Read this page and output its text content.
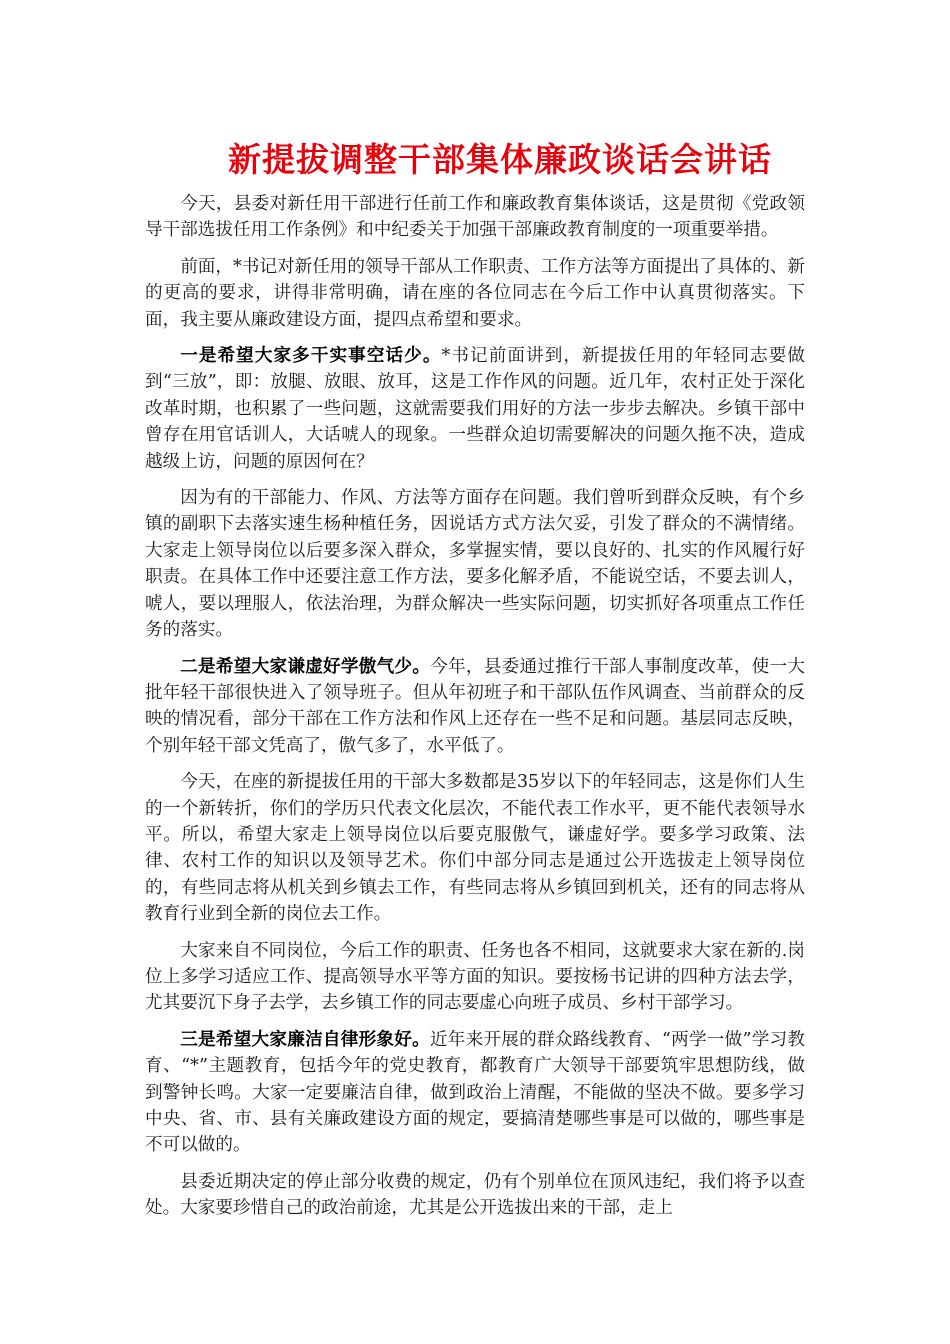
新提拔调整干部集体廉政谈话会讲话

今天，县委对新任用干部进行任前工作和廉政教育集体谈话，这是贯彻《党政领导干部选拔任用工作条例》和中纪委关于加强干部廉政教育制度的一项重要举措。

前面，*书记对新任用的领导干部从工作职责、工作方法等方面提出了具体的、新的更高的要求，讲得非常明确，请在座的各位同志在今后工作中认真贯彻落实。下面，我主要从廉政建设方面，提四点希望和要求。

一是希望大家多干实事空话少。*书记前面讲到，新提拔任用的年轻同志要做到“三放”，即：放腿、放眼、放耳，这是工作作风的问题。近几年，农村正处于深化改革时期，也积累了一些问题，这就需要我们用好的方法一步步去解决。乡镇干部中曾存在用官话训人，大话唬人的现象。一些群众迫切需要解决的问题久拖不决，造成越级上访，问题的原因何在？

因为有的干部能力、作风、方法等方面存在问题。我们曾听到群众反映，有个乡镇的副职下去落实速生杨种植任务，因说话方式方法欠妥，引发了群众的不满情绪。大家走上领导岗位以后要多深入群众，多掌握实情，要以良好的、扎实的作风履行好职责。在具体工作中还要注意工作方法，要多化解矛盾，不能说空话，不要去训人，唬人，要以理服人，依法治理，为群众解决一些实际问题，切实抓好各项重点工作任务的落实。

二是希望大家谦虚好学傲气少。今年，县委通过推行干部人事制度改革，使一大批年轻干部很快进入了领导班子。但从年初班子和干部队伍作风调查、当前群众的反映的情况看，部分干部在工作方法和作风上还存在一些不足和问题。基层同志反映，个别年轻干部文凭高了，傲气多了，水平低了。

今天，在座的新提拔任用的干部大多数都是35岁以下的年轻同志，这是你们人生的一个新转折，你们的学历只代表文化层次，不能代表工作水平，更不能代表领导水平。所以，希望大家走上领导岗位以后要克服傲气，谦虚好学。要多学习政策、法律、农村工作的知识以及领导艺术。你们中部分同志是通过公开选拔走上领导岗位的，有些同志将从机关到乡镇去工作，有些同志将从乡镇回到机关，还有的同志将从教育行业到全新的岗位去工作。

大家来自不同岗位，今后工作的职责、任务也各不相同，这就要求大家在新的.岗位上多学习适应工作、提高领导水平等方面的知识。要按杨书记讲的四种方法去学，尤其要沉下身子去学，去乡镇工作的同志要虚心向班子成员、乡村干部学习。

三是希望大家廉洁自律形象好。近年来开展的群众路线教育、“两学一做”学习教育、“*”主题教育，包括今年的党史教育，都教育广大领导干部要筑牢思想防线，做到警钟长鸣。大家一定要廉洁自律，做到政治上清醒，不能做的坚决不做。要多学习中央、省、市、县有关廉政建设方面的规定，要搞清楚哪些事是可以做的，哪些事是不可以做的。

县委近期决定的停止部分收费的规定，仍有个别单位在顶风违纪，我们将予以查处。大家要珍惜自己的政治前途，尤其是公开选拔出来的干部，走上
